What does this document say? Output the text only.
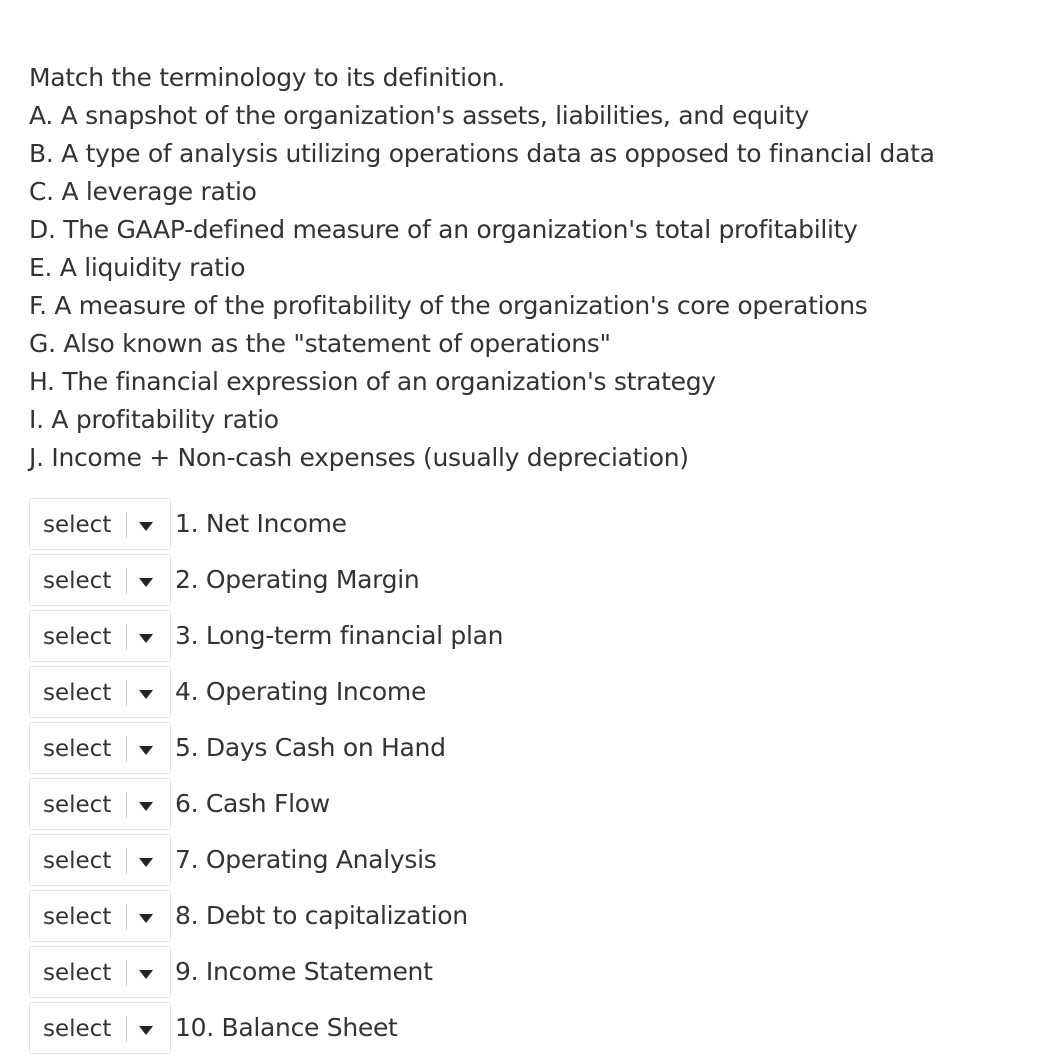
Match the terminology to its definition.
A. A snapshot of the organization's assets, liabilities, and equity
B. A type of analysis utilizing operations data as opposed to financial data
C. A leverage ratio
D. The GAAP-defined measure of an organization's total profitability
E. A liquidity ratio
F. A measure of the profitability of the organization's core operations
G. Also known as the "statement of operations"
H. The financial expression of an organization's strategy
I. A profitability ratio
J. Income + Non-cash expenses (usually depreciation)
select	1. Net Income
select	2. Operating Margin
select	3. Long-term financial plan
select	4. Operating Income
select	5. Days Cash on Hand
select	6. Cash Flow
select	7. Operating Analysis
select	8. Debt to capitalization
select	9. Income Statement
select	10. Balance Sheet
